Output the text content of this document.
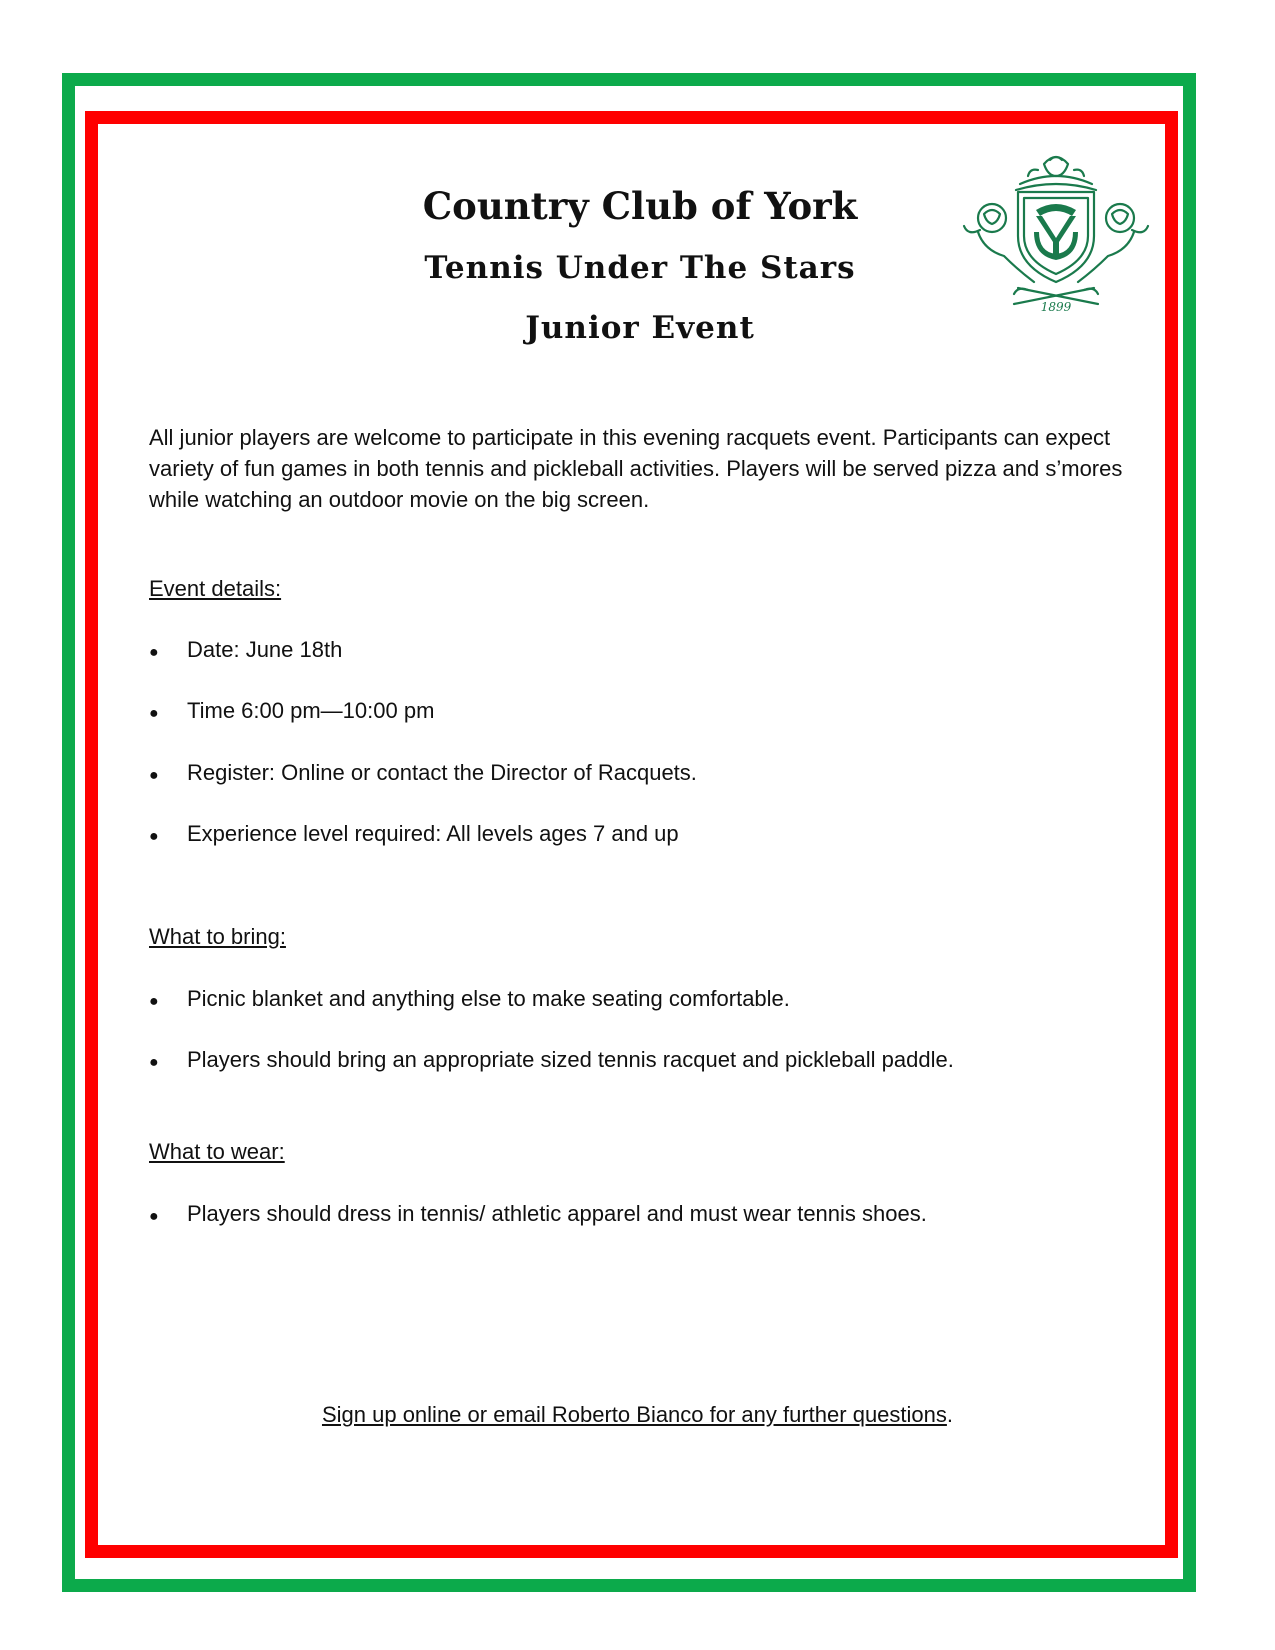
Country Club of York
Tennis Under The Stars
Junior Event
1899

All junior players are welcome to participate in this evening racquets event. Participants can expect variety of fun games in both tennis and pickleball activities. Players will be served pizza and s’mores while watching an outdoor movie on the big screen.

Event details:
●	Date: June 18th
●	Time 6:00 pm—10:00 pm
●	Register: Online or contact the Director of Racquets.
●	Experience level required: All levels ages 7 and up
What to bring:
●	Picnic blanket and anything else to make seating comfortable.
●	Players should bring an appropriate sized tennis racquet and pickleball paddle.
What to wear:
●	Players should dress in tennis/ athletic apparel and must wear tennis shoes.
Sign up online or email Roberto Bianco for any further questions.
